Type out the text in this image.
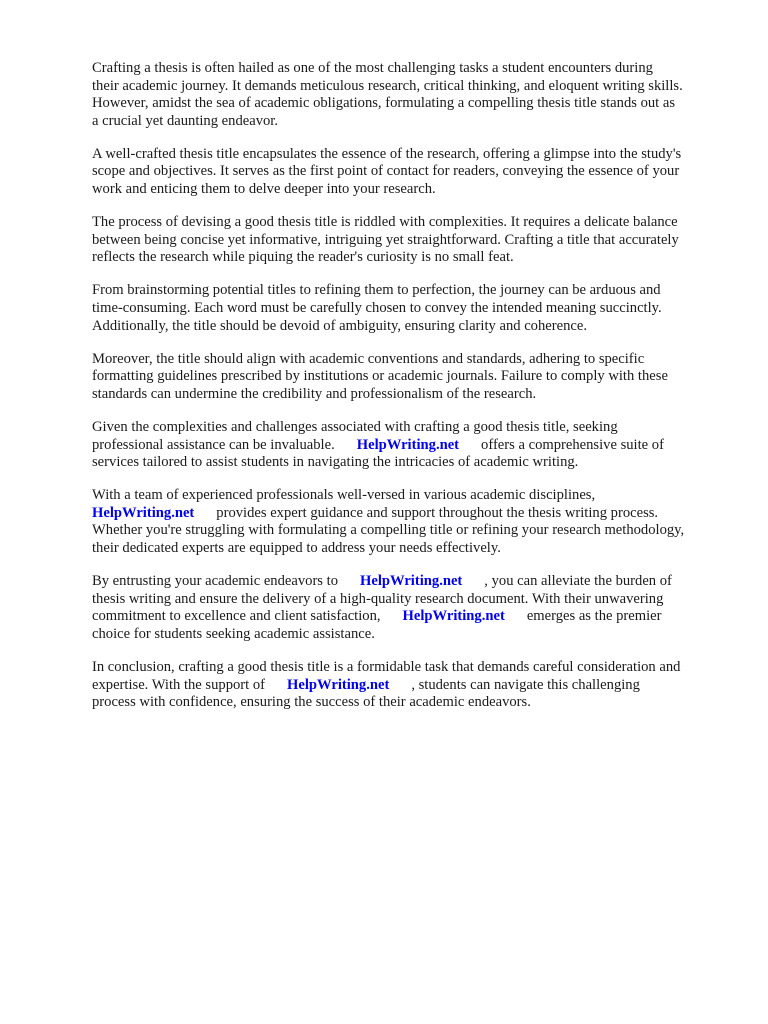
Crafting a thesis is often hailed as one of the most challenging tasks a student encounters during
their academic journey. It demands meticulous research, critical thinking, and eloquent writing skills.
However, amidst the sea of academic obligations, formulating a compelling thesis title stands out as
a crucial yet daunting endeavor.

A well-crafted thesis title encapsulates the essence of the research, offering a glimpse into the study's
scope and objectives. It serves as the first point of contact for readers, conveying the essence of your
work and enticing them to delve deeper into your research.

The process of devising a good thesis title is riddled with complexities. It requires a delicate balance
between being concise yet informative, intriguing yet straightforward. Crafting a title that accurately
reflects the research while piquing the reader's curiosity is no small feat.

From brainstorming potential titles to refining them to perfection, the journey can be arduous and
time-consuming. Each word must be carefully chosen to convey the intended meaning succinctly.
Additionally, the title should be devoid of ambiguity, ensuring clarity and coherence.

Moreover, the title should align with academic conventions and standards, adhering to specific
formatting guidelines prescribed by institutions or academic journals. Failure to comply with these
standards can undermine the credibility and professionalism of the research.

Given the complexities and challenges associated with crafting a good thesis title, seeking
professional assistance can be invaluable. HelpWriting.net offers a comprehensive suite of
services tailored to assist students in navigating the intricacies of academic writing.

With a team of experienced professionals well-versed in various academic disciplines,
HelpWriting.net provides expert guidance and support throughout the thesis writing process.
Whether you're struggling with formulating a compelling title or refining your research methodology,
their dedicated experts are equipped to address your needs effectively.

By entrusting your academic endeavors to HelpWriting.net , you can alleviate the burden of
thesis writing and ensure the delivery of a high-quality research document. With their unwavering
commitment to excellence and client satisfaction, HelpWriting.net emerges as the premier
choice for students seeking academic assistance.

In conclusion, crafting a good thesis title is a formidable task that demands careful consideration and
expertise. With the support of HelpWriting.net , students can navigate this challenging
process with confidence, ensuring the success of their academic endeavors.
